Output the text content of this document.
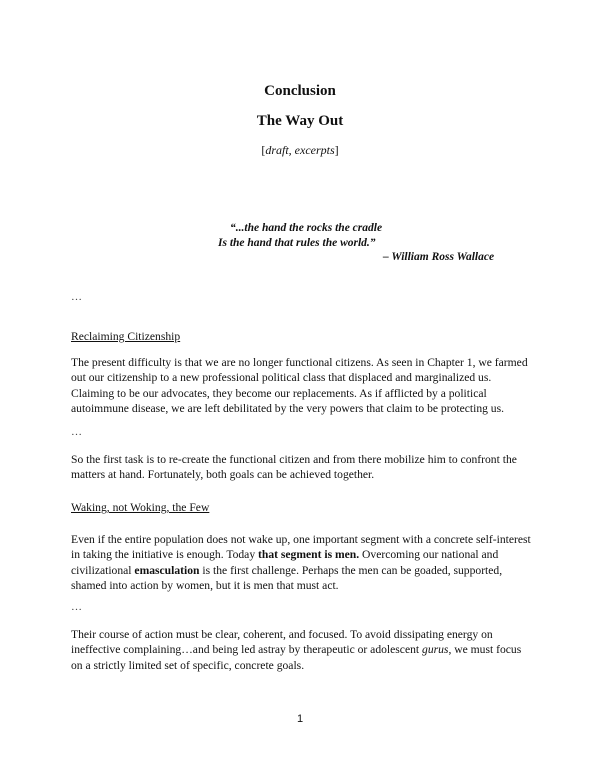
Conclusion
The Way Out
[draft, excerpts]
“...the hand the rocks the cradle
Is the hand that rules the world.”
– William Ross Wallace
…
Reclaiming Citizenship
The present difficulty is that we are no longer functional citizens. As seen in Chapter 1, we farmed out our citizenship to a new professional political class that displaced and marginalized us. Claiming to be our advocates, they become our replacements. As if afflicted by a political autoimmune disease, we are left debilitated by the very powers that claim to be protecting us.
…
So the first task is to re-create the functional citizen and from there mobilize him to confront the matters at hand. Fortunately, both goals can be achieved together.
Waking, not Woking, the Few
Even if the entire population does not wake up, one important segment with a concrete self-interest in taking the initiative is enough. Today that segment is men. Overcoming our national and civilizational emasculation is the first challenge. Perhaps the men can be goaded, supported, shamed into action by women, but it is men that must act.
…
Their course of action must be clear, coherent, and focused. To avoid dissipating energy on ineffective complaining…and being led astray by therapeutic or adolescent gurus, we must focus on a strictly limited set of specific, concrete goals.
1
